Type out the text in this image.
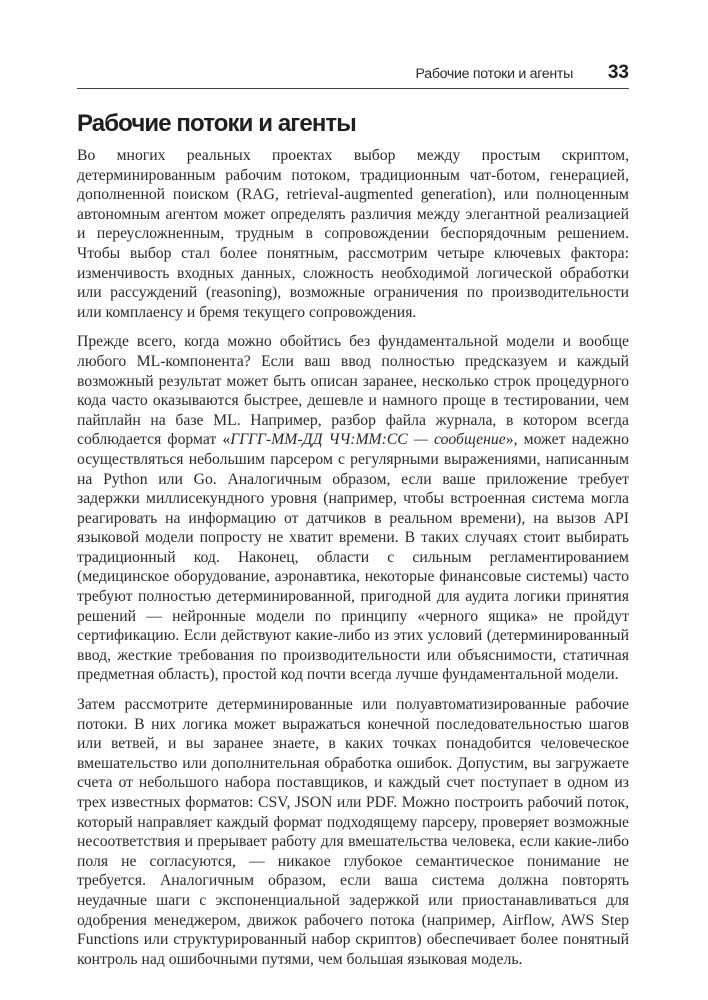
Рабочие потоки и агенты 33
Рабочие потоки и агенты

Во многих реальных проектах выбор между простым скриптом, детерминированным рабочим потоком, традиционным чат-ботом, генерацией, дополненной поиском (RAG, retrieval-augmented generation), или полноценным автономным агентом может определять различия между элегантной реализацией и переусложненным, трудным в сопровождении беспорядочным решением. Чтобы выбор стал более понятным, рассмотрим четыре ключевых фактора: изменчивость входных данных, сложность необходимой логической обработки или рассуждений (reasoning), возможные ограничения по производительности или комплаенсу и бремя текущего сопровождения.

Прежде всего, когда можно обойтись без фундаментальной модели и вообще любого ML-компонента? Если ваш ввод полностью предсказуем и каждый возможный результат может быть описан заранее, несколько строк процедурного кода часто оказываются быстрее, дешевле и намного проще в тестировании, чем пайплайн на базе ML. Например, разбор файла журнала, в котором всегда соблюдается формат «ГГГГ-ММ-ДД ЧЧ:ММ:СС — сообщение», может надежно осуществляться небольшим парсером с регулярными выражениями, написанным на Python или Go. Аналогичным образом, если ваше приложение требует задержки миллисекундного уровня (например, чтобы встроенная система могла реагировать на информацию от датчиков в реальном времени), на вызов API языковой модели попросту не хватит времени. В таких случаях стоит выбирать традиционный код. Наконец, области с сильным регламентированием (медицинское оборудование, аэронавтика, некоторые финансовые системы) часто требуют полностью детерминированной, пригодной для аудита логики принятия решений — нейронные модели по принципу «черного ящика» не пройдут сертификацию. Если действуют какие-либо из этих условий (детерминированный ввод, жесткие требования по производительности или объяснимости, статичная предметная область), простой код почти всегда лучше фундаментальной модели.

Затем рассмотрите детерминированные или полуавтоматизированные рабочие потоки. В них логика может выражаться конечной последовательностью шагов или ветвей, и вы заранее знаете, в каких точках понадобится человеческое вмешательство или дополнительная обработка ошибок. Допустим, вы загружаете счета от небольшого набора поставщиков, и каждый счет поступает в одном из трех известных форматов: CSV, JSON или PDF. Можно построить рабочий поток, который направляет каждый формат подходящему парсеру, проверяет возможные несоответствия и прерывает работу для вмешательства человека, если какие-либо поля не согласуются, — никакое глубокое семантическое понимание не требуется. Аналогичным образом, если ваша система должна повторять неудачные шаги с экспоненциальной задержкой или приостанавливаться для одобрения менеджером, движок рабочего потока (например, Airflow, AWS Step Functions или структурированный набор скриптов) обеспечивает более понятный контроль над ошибочными путями, чем большая языковая модель.
